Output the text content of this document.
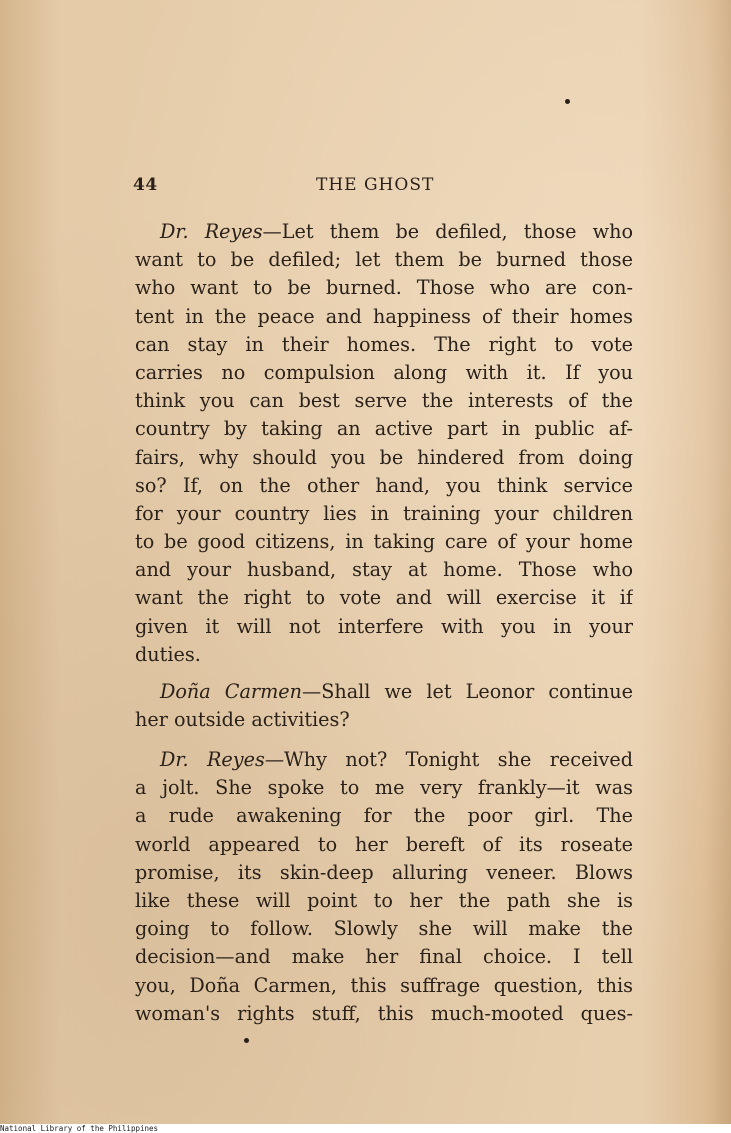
44	THE GHOST
Dr. Reyes—Let them be defiled, those who
want to be defiled; let them be burned those
who want to be burned. Those who are con-
tent in the peace and happiness of their homes
can stay in their homes. The right to vote
carries no compulsion along with it. If you
think you can best serve the interests of the
country by taking an active part in public af-
fairs, why should you be hindered from doing
so? If, on the other hand, you think service
for your country lies in training your children
to be good citizens, in taking care of your home
and your husband, stay at home. Those who
want the right to vote and will exercise it if
given it will not interfere with you in your
duties.
Doña Carmen—Shall we let Leonor continue
her outside activities?
Dr. Reyes—Why not? Tonight she received
a jolt. She spoke to me very frankly—it was
a rude awakening for the poor girl. The
world appeared to her bereft of its roseate
promise, its skin-deep alluring veneer. Blows
like these will point to her the path she is
going to follow. Slowly she will make the
decision—and make her final choice. I tell
you, Doña Carmen, this suffrage question, this
woman's rights stuff, this much-mooted ques-
National Library of the Philippines
